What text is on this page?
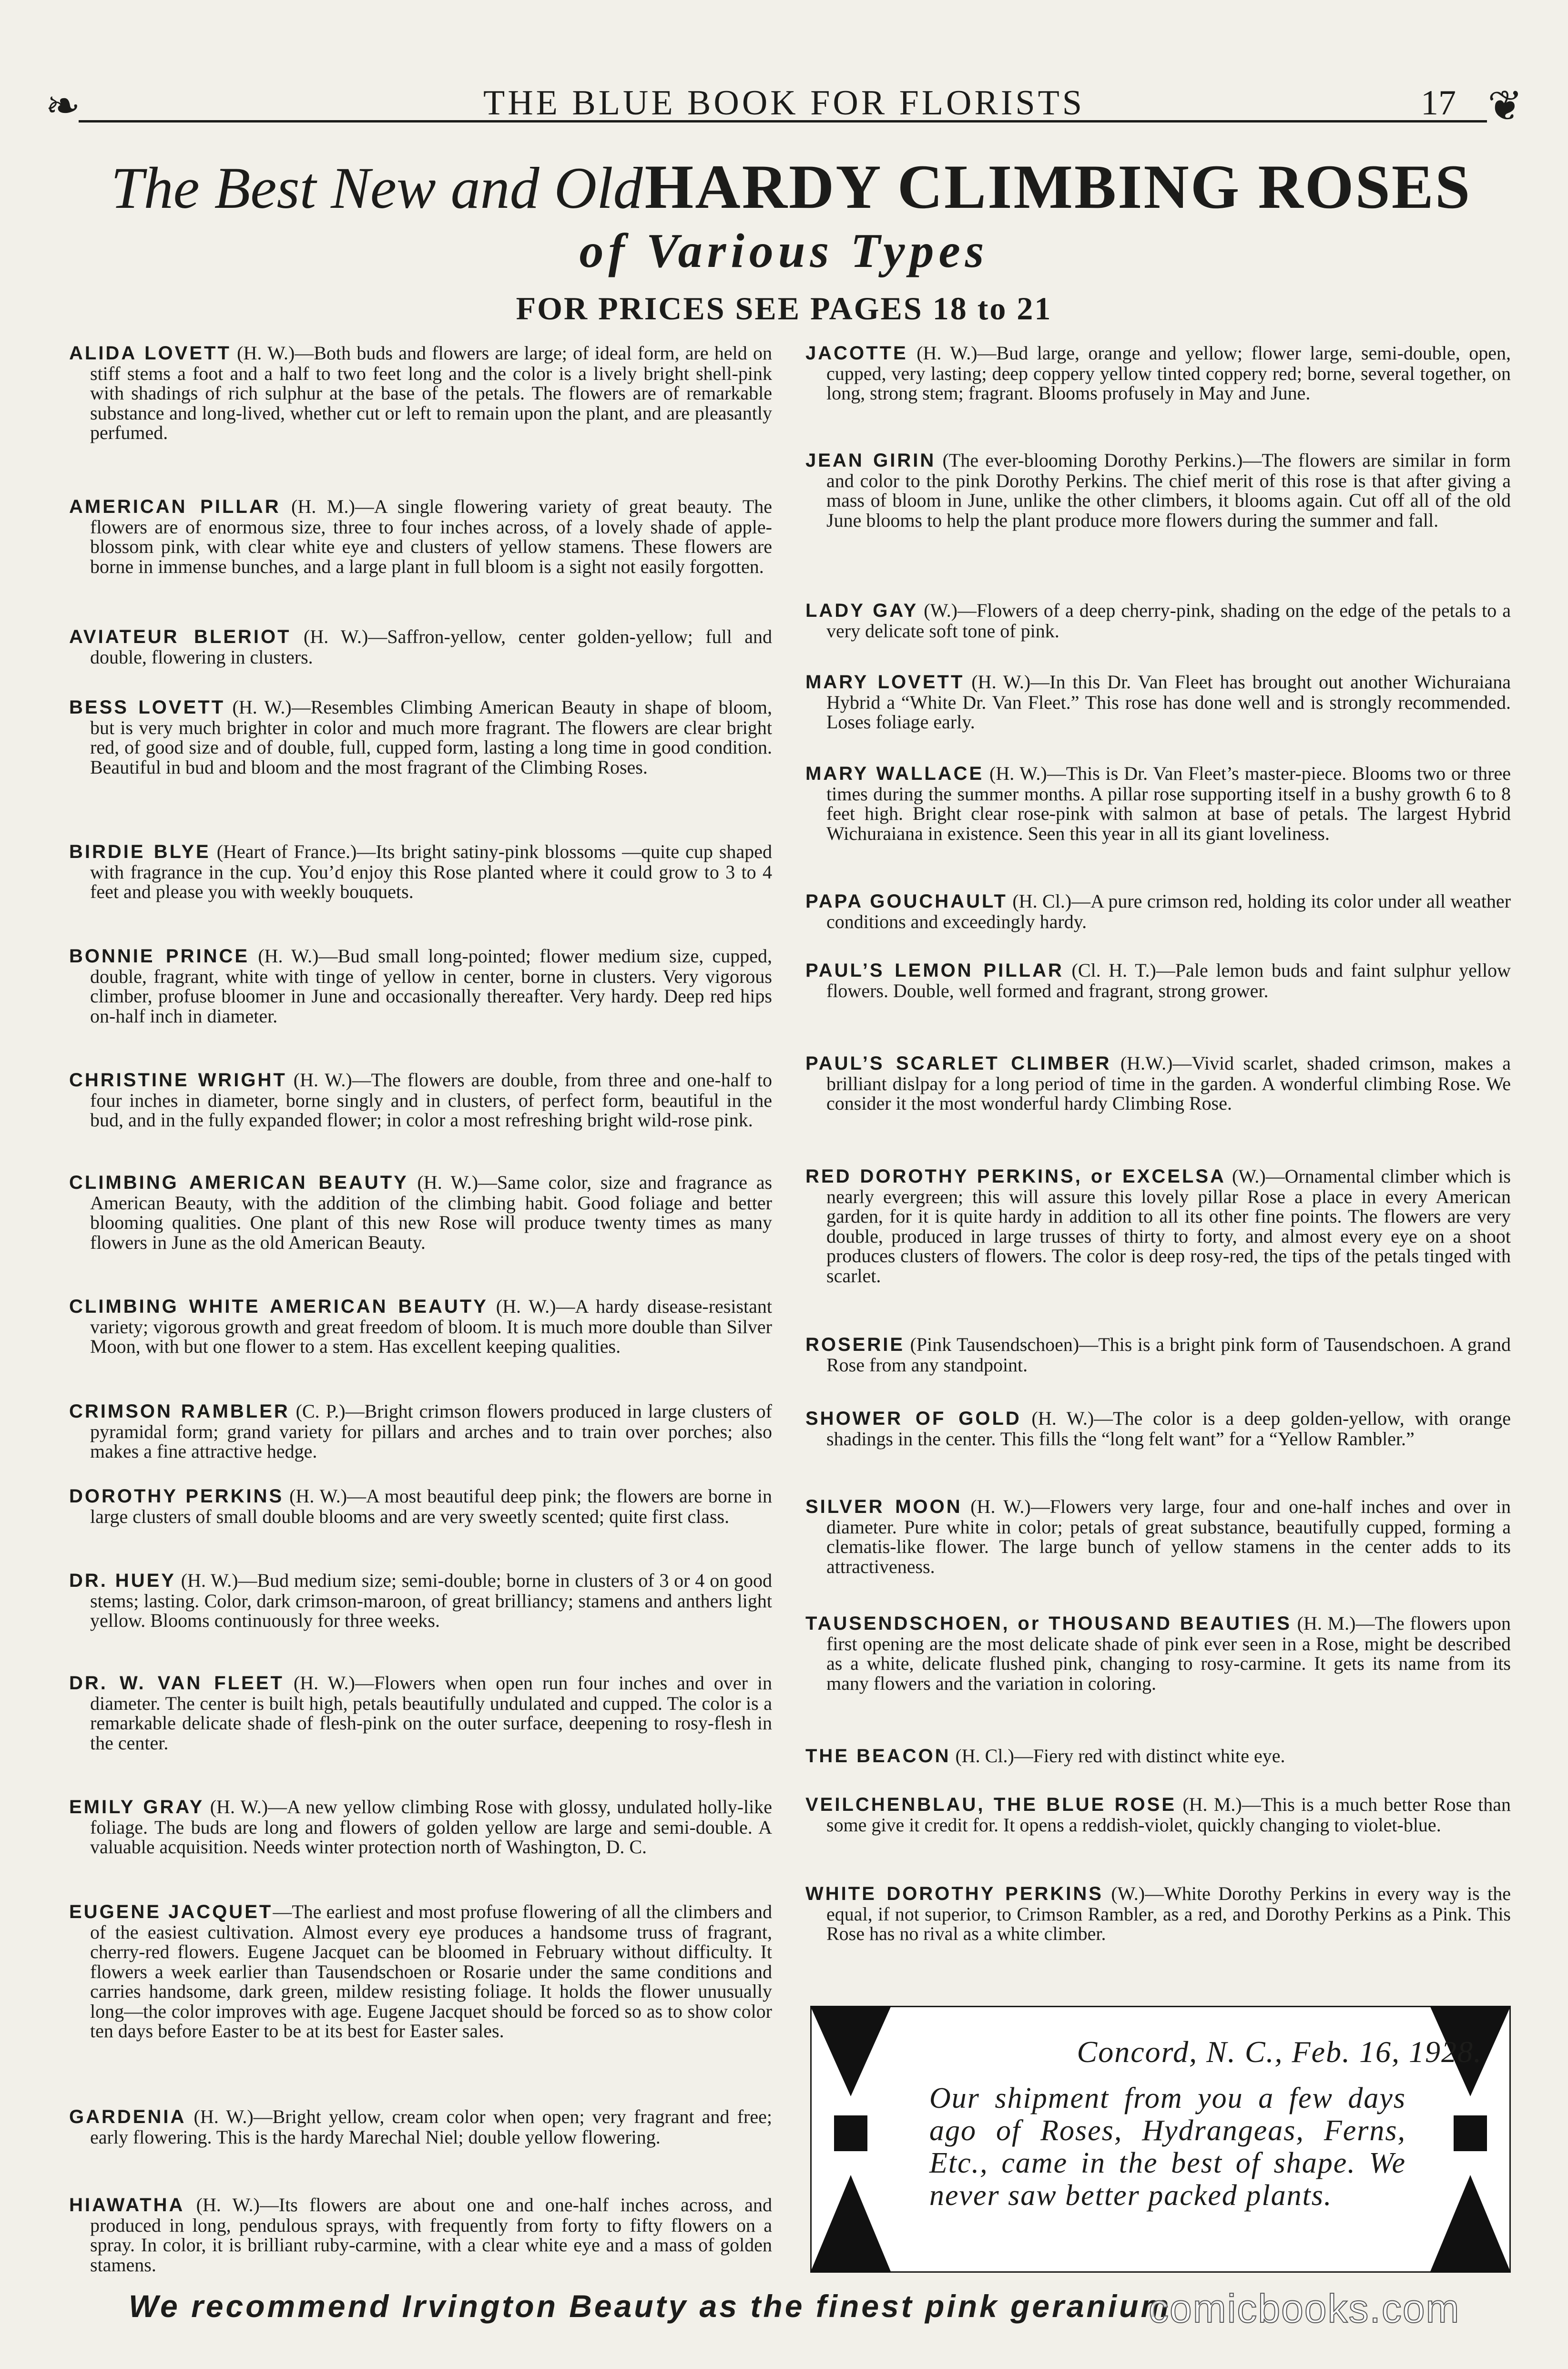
❧	THE BLUE BOOK FOR FLORISTS	17 ❦
The Best New and Old HARDY CLIMBING ROSES
of Various Types
FOR PRICES SEE PAGES 18 to 21
ALIDA LOVETT (H. W.)—Both buds and flowers are large; of ideal form, are held on stiff stems a foot and a half to two feet long and the color is a lively bright shell-pink with shadings of rich sulphur at the base of the petals. The flowers are of remarkable substance and long-lived, whether cut or left to remain upon the plant, and are pleasantly perfumed.
AMERICAN PILLAR (H. M.)—A single flowering variety of great beauty. The flowers are of enormous size, three to four inches across, of a lovely shade of apple-blossom pink, with clear white eye and clusters of yellow stamens. These flowers are borne in immense bunches, and a large plant in full bloom is a sight not easily forgotten.
AVIATEUR BLERIOT (H. W.)—Saffron-yellow, center golden-yellow; full and double, flowering in clusters.
BESS LOVETT (H. W.)—Resembles Climbing American Beauty in shape of bloom, but is very much brighter in color and much more fragrant. The flowers are clear bright red, of good size and of double, full, cupped form, lasting a long time in good condition. Beautiful in bud and bloom and the most fragrant of the Climbing Roses.
BIRDIE BLYE (Heart of France.)—Its bright satiny-pink blossoms —quite cup shaped with fragrance in the cup. You’d enjoy this Rose planted where it could grow to 3 to 4 feet and please you with weekly bouquets.
BONNIE PRINCE (H. W.)—Bud small long-pointed; flower medium size, cupped, double, fragrant, white with tinge of yellow in center, borne in clusters. Very vigorous climber, profuse bloomer in June and occasionally thereafter. Very hardy. Deep red hips on-half inch in diameter.
CHRISTINE WRIGHT (H. W.)—The flowers are double, from three and one-half to four inches in diameter, borne singly and in clusters, of perfect form, beautiful in the bud, and in the fully expanded flower; in color a most refreshing bright wild-rose pink.
CLIMBING AMERICAN BEAUTY (H. W.)—Same color, size and fragrance as American Beauty, with the addition of the climbing habit. Good foliage and better blooming qualities. One plant of this new Rose will produce twenty times as many flowers in June as the old American Beauty.
CLIMBING WHITE AMERICAN BEAUTY (H. W.)—A hardy disease-resistant variety; vigorous growth and great freedom of bloom. It is much more double than Silver Moon, with but one flower to a stem. Has excellent keeping qualities.
CRIMSON RAMBLER (C. P.)—Bright crimson flowers produced in large clusters of pyramidal form; grand variety for pillars and arches and to train over porches; also makes a fine attractive hedge.
DOROTHY PERKINS (H. W.)—A most beautiful deep pink; the flowers are borne in large clusters of small double blooms and are very sweetly scented; quite first class.
DR. HUEY (H. W.)—Bud medium size; semi-double; borne in clusters of 3 or 4 on good stems; lasting. Color, dark crimson-maroon, of great brilliancy; stamens and anthers light yellow. Blooms continuously for three weeks.
DR. W. VAN FLEET (H. W.)—Flowers when open run four inches and over in diameter. The center is built high, petals beautifully undulated and cupped. The color is a remarkable delicate shade of flesh-pink on the outer surface, deepening to rosy-flesh in the center.
EMILY GRAY (H. W.)—A new yellow climbing Rose with glossy, undulated holly-like foliage. The buds are long and flowers of golden yellow are large and semi-double. A valuable acquisition. Needs winter protection north of Washington, D. C.
EUGENE JACQUET—The earliest and most profuse flowering of all the climbers and of the easiest cultivation. Almost every eye produces a handsome truss of fragrant, cherry-red flowers. Eugene Jacquet can be bloomed in February without difficulty. It flowers a week earlier than Tausendschoen or Rosarie under the same conditions and carries handsome, dark green, mildew resisting foliage. It holds the flower unusually long—the color improves with age. Eugene Jacquet should be forced so as to show color ten days before Easter to be at its best for Easter sales.
GARDENIA (H. W.)—Bright yellow, cream color when open; very fragrant and free; early flowering. This is the hardy Marechal Niel; double yellow flowering.
HIAWATHA (H. W.)—Its flowers are about one and one-half inches across, and produced in long, pendulous sprays, with frequently from forty to fifty flowers on a spray. In color, it is brilliant ruby-carmine, with a clear white eye and a mass of golden stamens.
JACOTTE (H. W.)—Bud large, orange and yellow; flower large, semi-double, open, cupped, very lasting; deep coppery yellow tinted coppery red; borne, several together, on long, strong stem; fragrant. Blooms profusely in May and June.
JEAN GIRIN (The ever-blooming Dorothy Perkins.)—The flowers are similar in form and color to the pink Dorothy Perkins. The chief merit of this rose is that after giving a mass of bloom in June, unlike the other climbers, it blooms again. Cut off all of the old June blooms to help the plant produce more flowers during the summer and fall.
LADY GAY (W.)—Flowers of a deep cherry-pink, shading on the edge of the petals to a very delicate soft tone of pink.
MARY LOVETT (H. W.)—In this Dr. Van Fleet has brought out another Wichuraiana Hybrid a “White Dr. Van Fleet.” This rose has done well and is strongly recommended. Loses foliage early.
MARY WALLACE (H. W.)—This is Dr. Van Fleet’s master-piece. Blooms two or three times during the summer months. A pillar rose supporting itself in a bushy growth 6 to 8 feet high. Bright clear rose-pink with salmon at base of petals. The largest Hybrid Wichuraiana in existence. Seen this year in all its giant loveliness.
PAPA GOUCHAULT (H. Cl.)—A pure crimson red, holding its color under all weather conditions and exceedingly hardy.
PAUL’S LEMON PILLAR (Cl. H. T.)—Pale lemon buds and faint sulphur yellow flowers. Double, well formed and fragrant, strong grower.
PAUL’S SCARLET CLIMBER (H.W.)—Vivid scarlet, shaded crimson, makes a brilliant dislpay for a long period of time in the garden. A wonderful climbing Rose. We consider it the most wonderful hardy Climbing Rose.
RED DOROTHY PERKINS, or EXCELSA (W.)—Ornamental climber which is nearly evergreen; this will assure this lovely pillar Rose a place in every American garden, for it is quite hardy in addition to all its other fine points. The flowers are very double, produced in large trusses of thirty to forty, and almost every eye on a shoot produces clusters of flowers. The color is deep rosy-red, the tips of the petals tinged with scarlet.
ROSERIE (Pink Tausendschoen)—This is a bright pink form of Tausendschoen. A grand Rose from any standpoint.
SHOWER OF GOLD (H. W.)—The color is a deep golden-yellow, with orange shadings in the center. This fills the “long felt want” for a “Yellow Rambler.”
SILVER MOON (H. W.)—Flowers very large, four and one-half inches and over in diameter. Pure white in color; petals of great substance, beautifully cupped, forming a clematis-like flower. The large bunch of yellow stamens in the center adds to its attractiveness.
TAUSENDSCHOEN, or THOUSAND BEAUTIES (H. M.)—The flowers upon first opening are the most delicate shade of pink ever seen in a Rose, might be described as a white, delicate flushed pink, changing to rosy-carmine. It gets its name from its many flowers and the variation in coloring.
THE BEACON (H. Cl.)—Fiery red with distinct white eye.
VEILCHENBLAU, THE BLUE ROSE (H. M.)—This is a much better Rose than some give it credit for. It opens a reddish-violet, quickly changing to violet-blue.
WHITE DOROTHY PERKINS (W.)—White Dorothy Perkins in every way is the equal, if not superior, to Crimson Rambler, as a red, and Dorothy Perkins as a Pink. This Rose has no rival as a white climber.
Concord, N. C., Feb. 16, 1928.
Our shipment from you a few days ago of Roses, Hydrangeas, Ferns, Etc., came in the best of shape. We never saw better packed plants.
We recommend Irvington Beauty as the finest pink geranium
comicbooks.com
